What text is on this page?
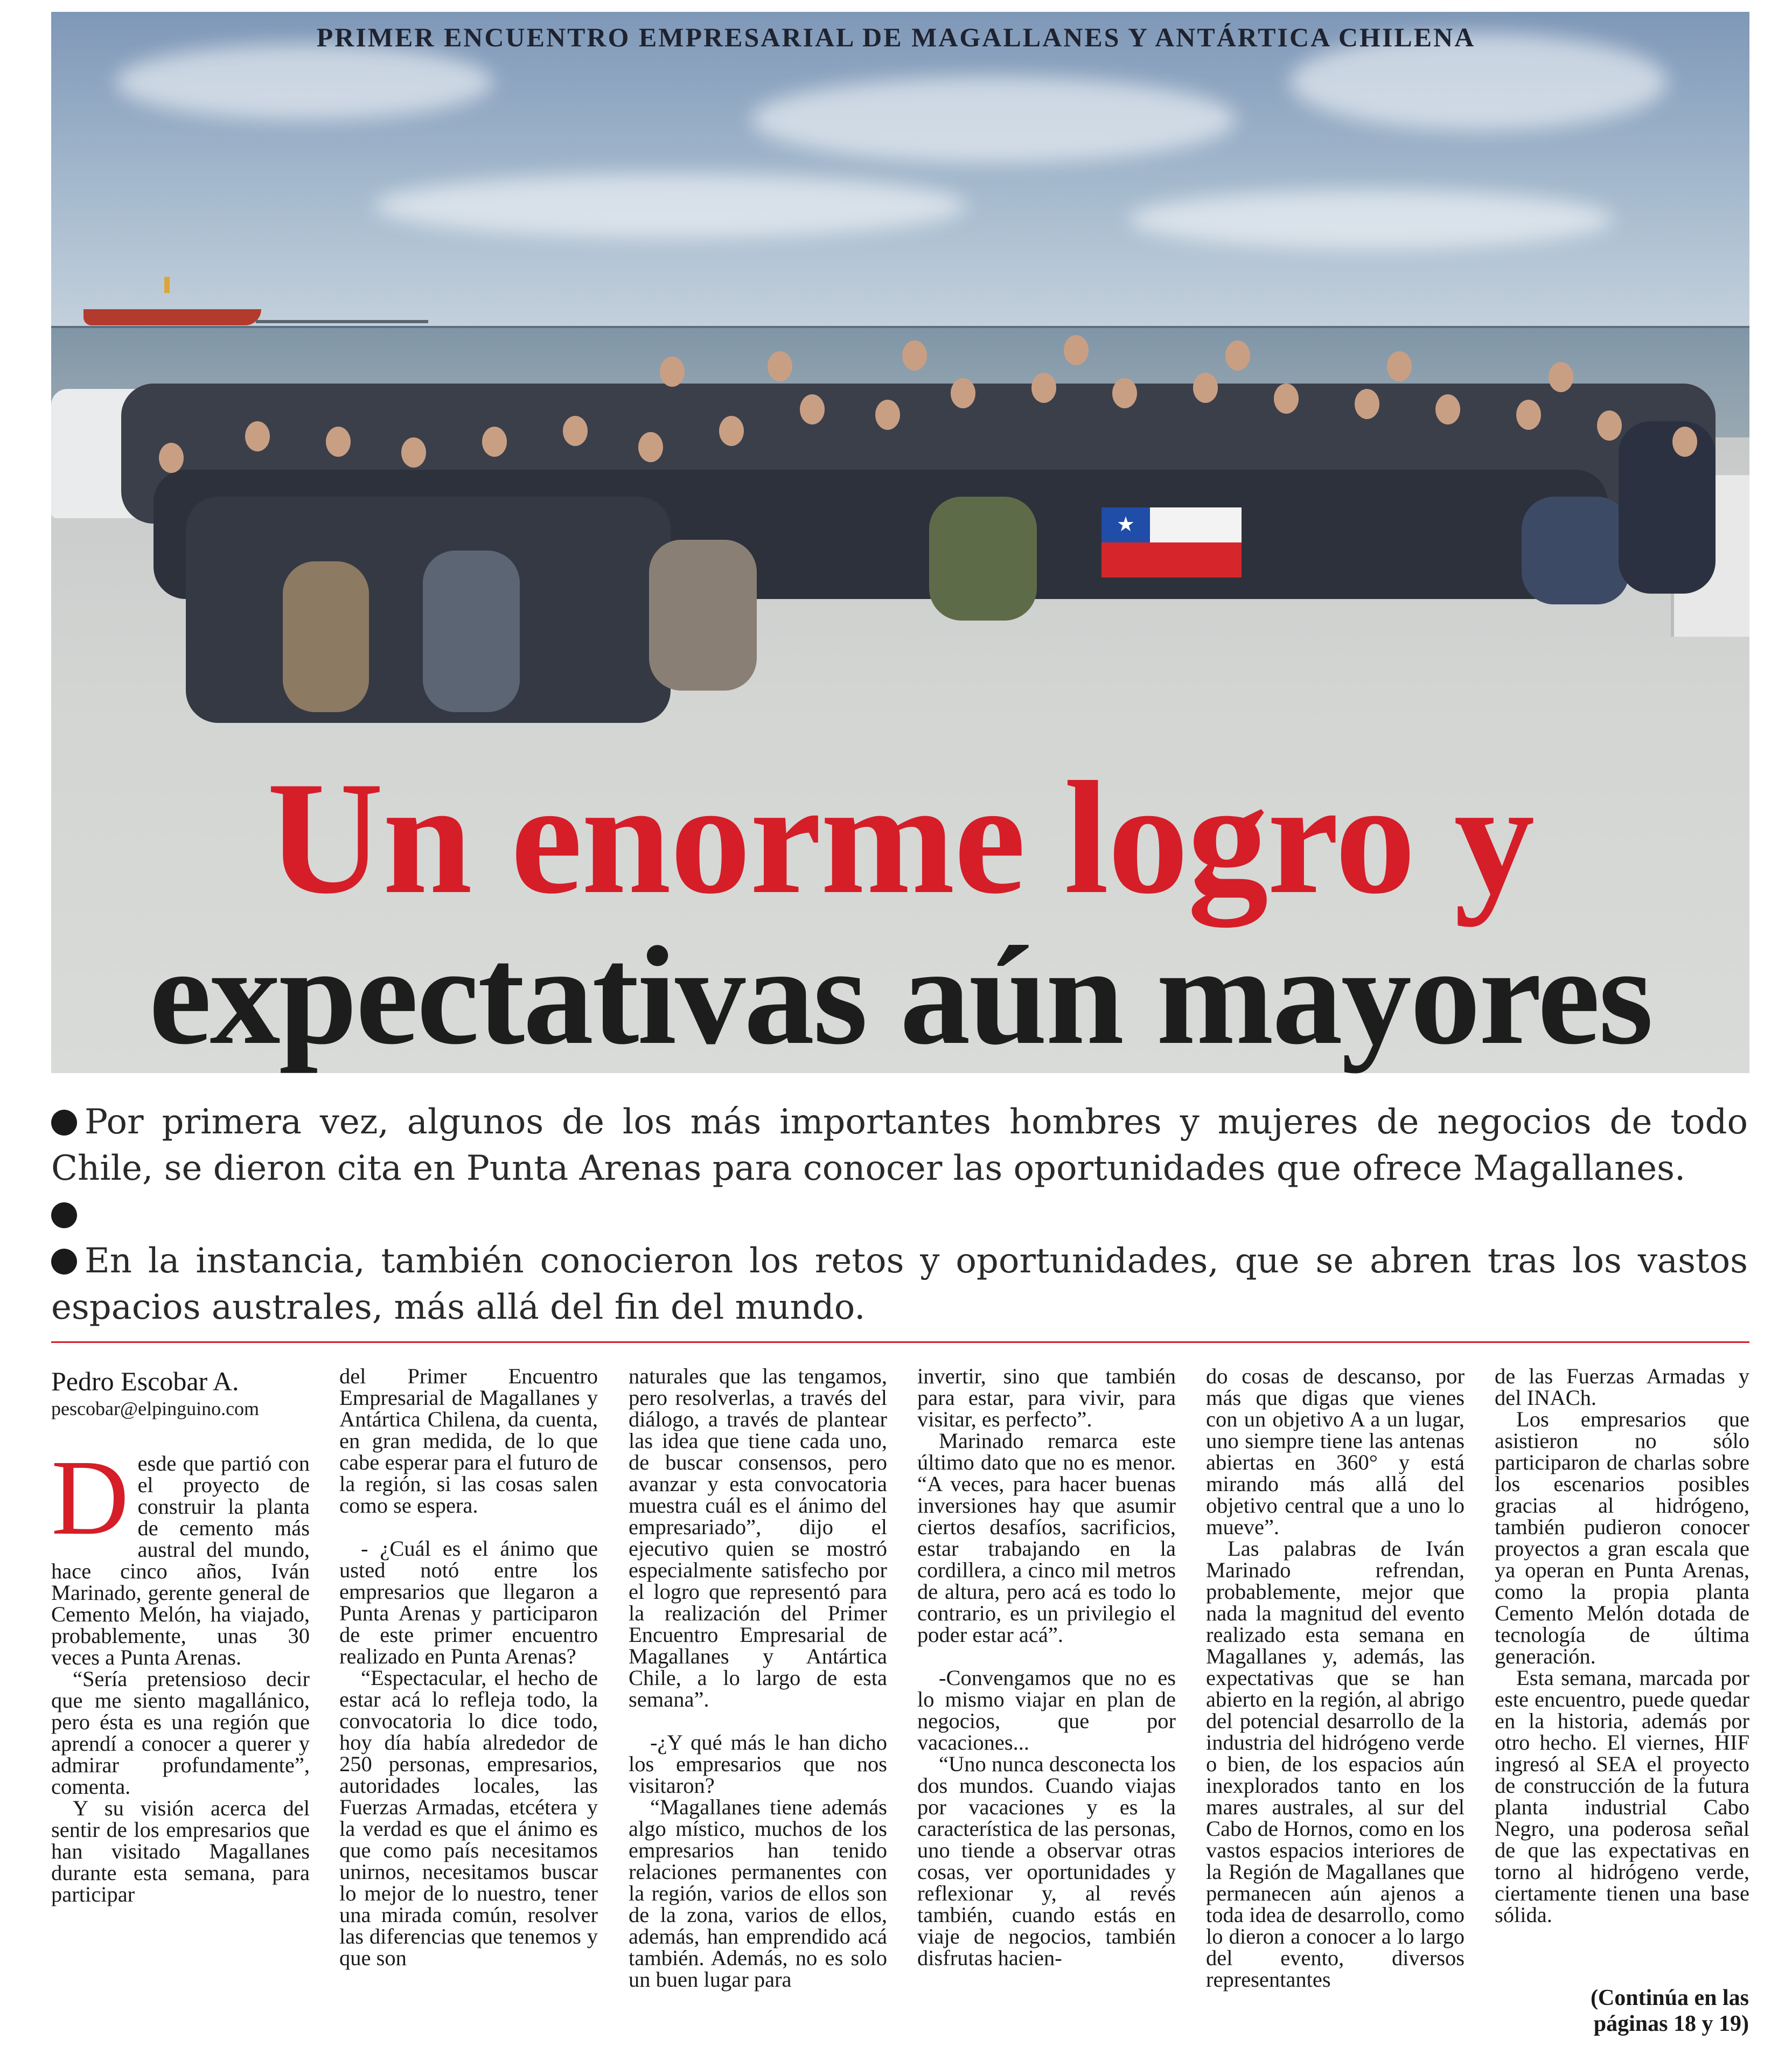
★
PRIMER ENCUENTRO EMPRESARIAL DE MAGALLANES Y ANTÁRTICA CHILENA
Un enorme logro y
expectativas aún mayores

Por primera vez, algunos de los más importantes hombres y mujeres de negocios de todo Chile, se dieron cita en Punta Arenas para conocer las oportunidades que ofrece Magallanes.

En la instancia, también conocieron los retos y oportunidades, que se abren tras los vastos espacios australes, más allá del fin del mundo.

Pedro Escobar A.
pescobar@elpinguino.com

Desde que partió con el proyecto de construir la planta de cemento más austral del mundo, hace cinco años, Iván Marinado, gerente general de Cemento Melón, ha viajado, probablemente, unas 30 veces a Punta Arenas.

“Sería pretensioso decir que me siento magallánico, pero ésta es una región que aprendí a conocer a querer y admirar profundamente”, comenta.

Y su visión acerca del sentir de los empresarios que han visitado Magallanes durante esta semana, para participar

del Primer Encuentro Empresarial de Magallanes y Antártica Chilena, da cuenta, en gran medida, de lo que cabe esperar para el futuro de la región, si las cosas salen como se espera.

- ¿Cuál es el ánimo que usted notó entre los empresarios que llegaron a Punta Arenas y participaron de este primer encuentro realizado en Punta Arenas?

“Espectacular, el hecho de estar acá lo refleja todo, la convocatoria lo dice todo, hoy día había alrededor de 250 personas, empresarios, autoridades locales, las Fuerzas Armadas, etcétera y la verdad es que el ánimo es que como país necesitamos unirnos, necesitamos buscar lo mejor de lo nuestro, tener una mirada común, resolver las diferencias que tenemos y que son

naturales que las tengamos, pero resolverlas, a través del diálogo, a través de plantear las idea que tiene cada uno, de buscar consensos, pero avanzar y esta convocatoria muestra cuál es el ánimo del empresariado”, dijo el ejecutivo quien se mostró especialmente satisfecho por el logro que representó para la realización del Primer Encuentro Empresarial de Magallanes y Antártica Chile, a lo largo de esta semana”.

-¿Y qué más le han dicho los empresarios que nos visitaron?

“Magallanes tiene además algo místico, muchos de los empresarios han tenido relaciones permanentes con la región, varios de ellos son de la zona, varios de ellos, además, han emprendido acá también. Además, no es solo un buen lugar para

invertir, sino que también para estar, para vivir, para visitar, es perfecto”.

Marinado remarca este último dato que no es menor. “A veces, para hacer buenas inversiones hay que asumir ciertos desafíos, sacrificios, estar trabajando en la cordillera, a cinco mil metros de altura, pero acá es todo lo contrario, es un privilegio el poder estar acá”.

-Convengamos que no es lo mismo viajar en plan de negocios, que por vacaciones...

“Uno nunca desconecta los dos mundos. Cuando viajas por vacaciones y es la característica de las personas, uno tiende a observar otras cosas, ver oportunidades y reflexionar y, al revés también, cuando estás en viaje de negocios, también disfrutas hacien-

do cosas de descanso, por más que digas que vienes con un objetivo A a un lugar, uno siempre tiene las antenas abiertas en 360° y está mirando más allá del objetivo central que a uno lo mueve”.

Las palabras de Iván Marinado refrendan, probablemente, mejor que nada la magnitud del evento realizado esta semana en Magallanes y, además, las expectativas que se han abierto en la región, al abrigo del potencial desarrollo de la industria del hidrógeno verde o bien, de los espacios aún inexplorados tanto en los mares australes, al sur del Cabo de Hornos, como en los vastos espacios interiores de la Región de Magallanes que permanecen aún ajenos a toda idea de desarrollo, como lo dieron a conocer a lo largo del evento, diversos representantes

de las Fuerzas Armadas y del INACh.

Los empresarios que asistieron no sólo participaron de charlas sobre los escenarios posibles gracias al hidrógeno, también pudieron conocer proyectos a gran escala que ya operan en Punta Arenas, como la propia planta Cemento Melón dotada de tecnología de última generación.

Esta semana, marcada por este encuentro, puede quedar en la historia, además por otro hecho. El viernes, HIF ingresó al SEA el proyecto de construcción de la futura planta industrial Cabo Negro, una poderosa señal de que las expectativas en torno al hidrógeno verde, ciertamente tienen una base sólida.

(Continúa en las
páginas 18 y 19)
